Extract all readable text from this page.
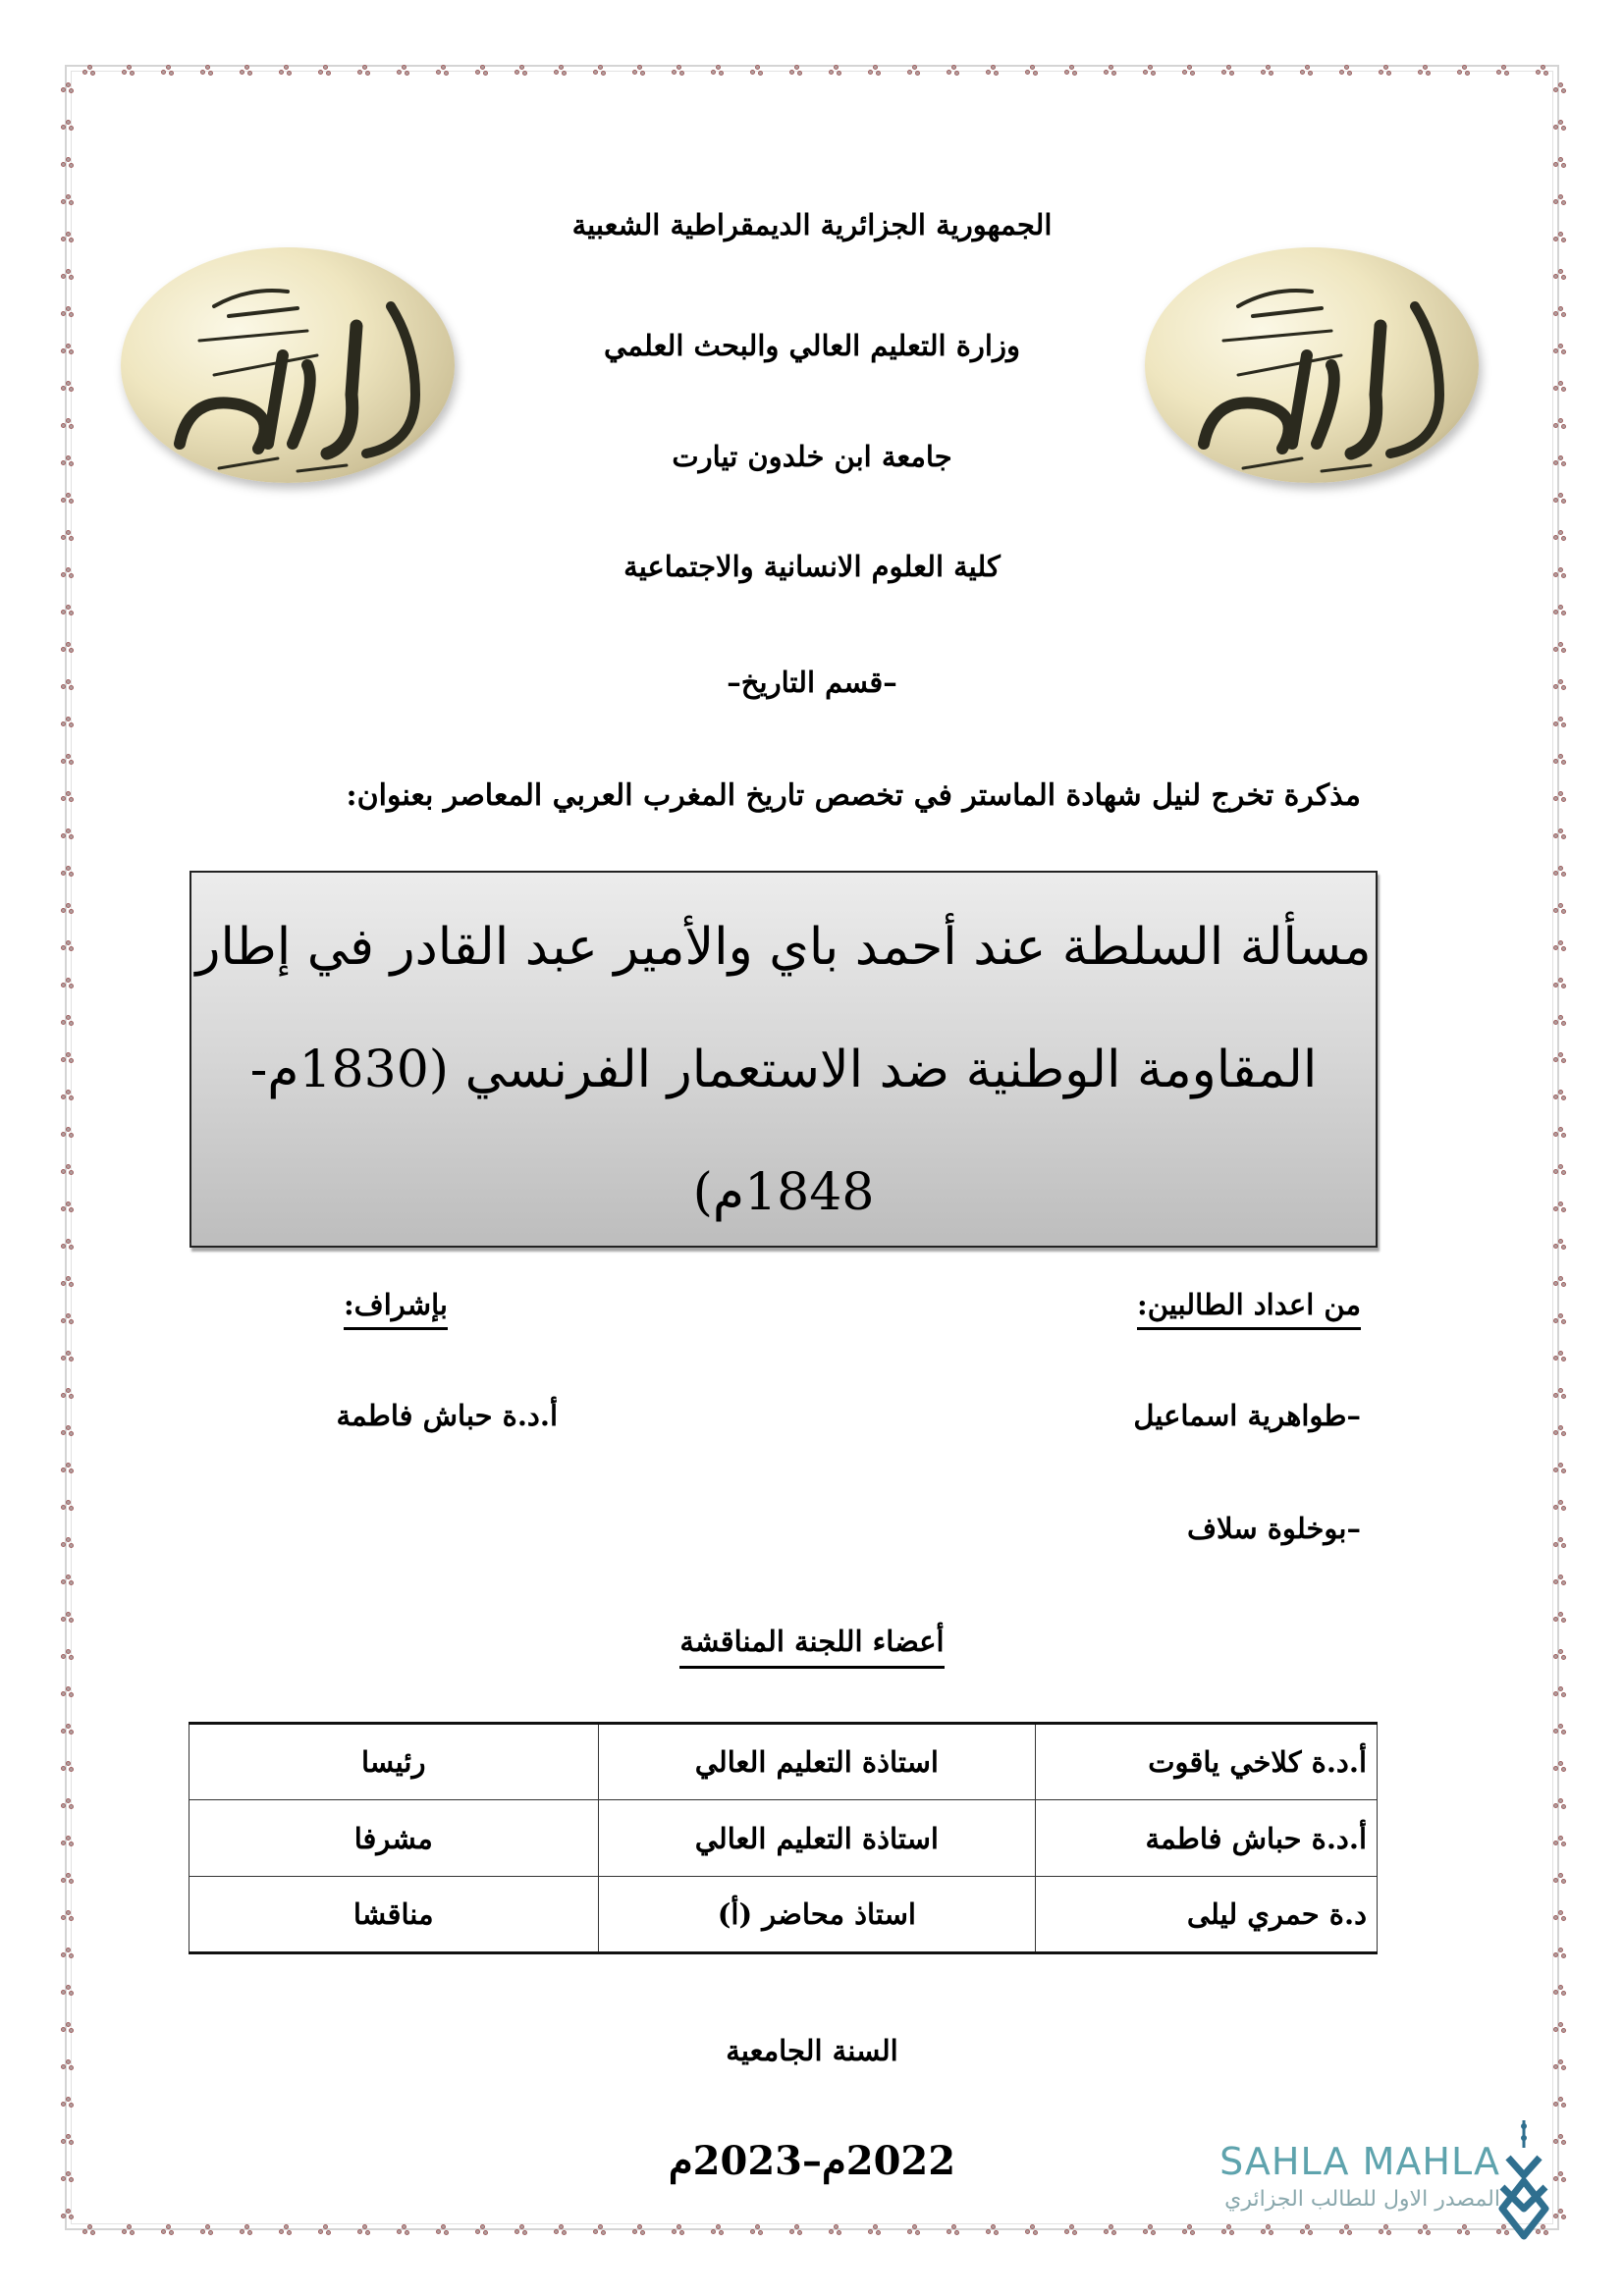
الجمهورية الجزائرية الديمقراطية الشعبية
وزارة التعليم العالي والبحث العلمي
جامعة ابن خلدون تيارت
كلية العلوم الانسانية والاجتماعية
–قسم التاريخ–
مذكرة تخرج لنيل شهادة الماستر في تخصص تاريخ المغرب العربي المعاصر بعنوان:
مسألة السلطة عند أحمد باي والأمير عبد القادر في إطار
المقاومة الوطنية ضد الاستعمار الفرنسي (1830م-
1848م)
من اعداد الطالبين:
بإشراف:
–طواهرية اسماعيل
–بوخلوة سلاف
أ.د.ة حباش فاطمة
أعضاء اللجنة المناقشة
أ.د.ة كلاخي ياقوت	استاذة التعليم العالي	رئيسا
أ.د.ة حباش فاطمة	استاذة التعليم العالي	مشرفا
د.ة حمري ليلى	استاذ محاضر (أ)	مناقشا
السنة الجامعية
2022م–2023م	SAHLA MAHLA
المصدر الاول للطالب الجزائري
